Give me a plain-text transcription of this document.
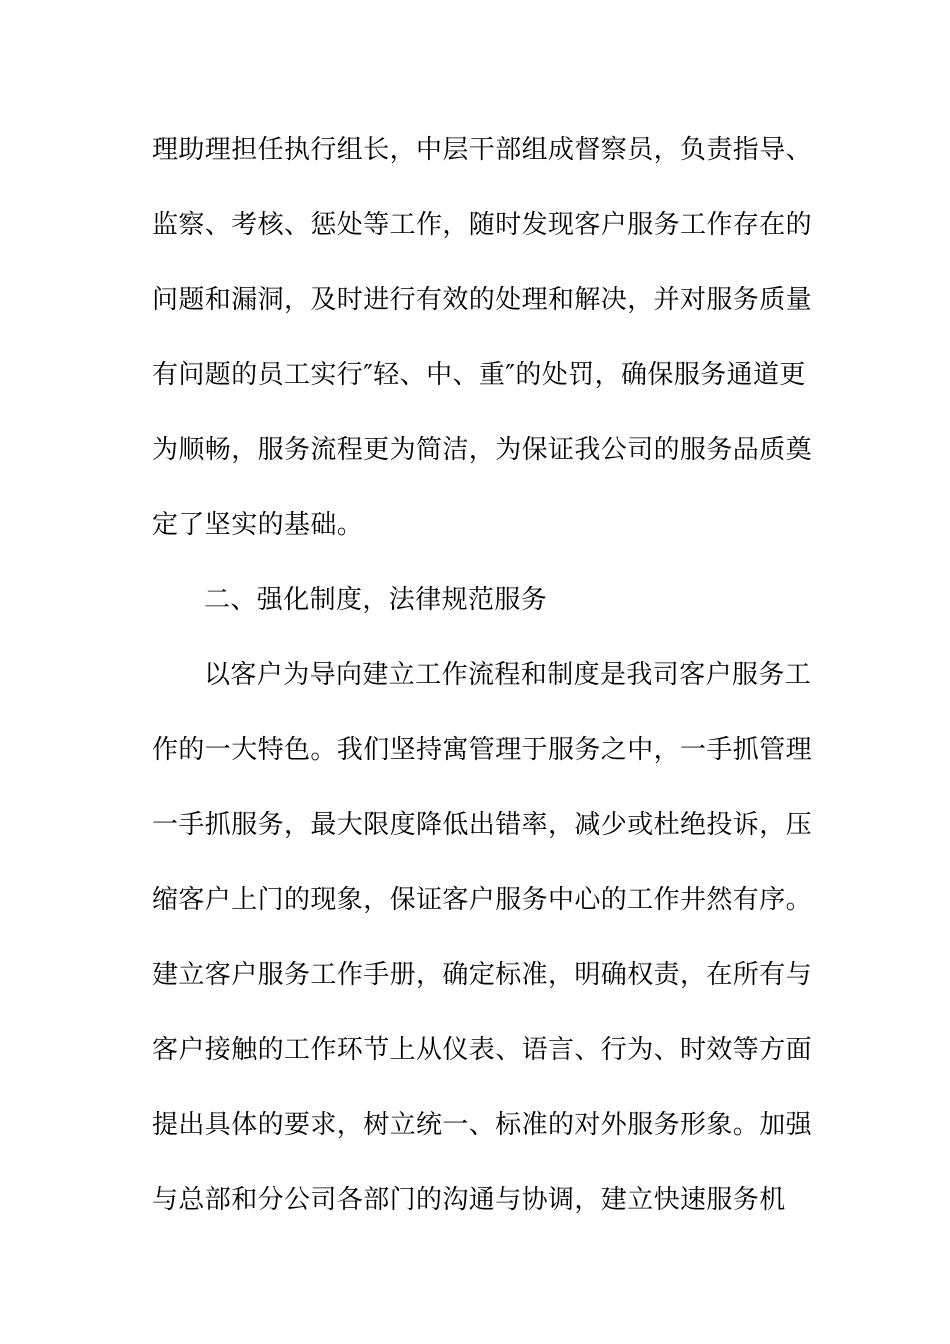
理助理担任执行组长，中层干部组成督察员，负责指导、
监察、考核、惩处等工作，随时发现客户服务工作存在的
问题和漏洞，及时进行有效的处理和解决，并对服务质量
有问题的员工实行″轻、中、重″的处罚，确保服务通道更
为顺畅，服务流程更为简洁，为保证我公司的服务品质奠
定了坚实的基础。
二、强化制度，法律规范服务
以客户为导向建立工作流程和制度是我司客户服务工
作的一大特色。我们坚持寓管理于服务之中，一手抓管理
一手抓服务，最大限度降低出错率，减少或杜绝投诉，压
缩客户上门的现象，保证客户服务中心的工作井然有序。
建立客户服务工作手册，确定标准，明确权责，在所有与
客户接触的工作环节上从仪表、语言、行为、时效等方面
提出具体的要求，树立统一、标准的对外服务形象。加强
与总部和分公司各部门的沟通与协调，建立快速服务机
